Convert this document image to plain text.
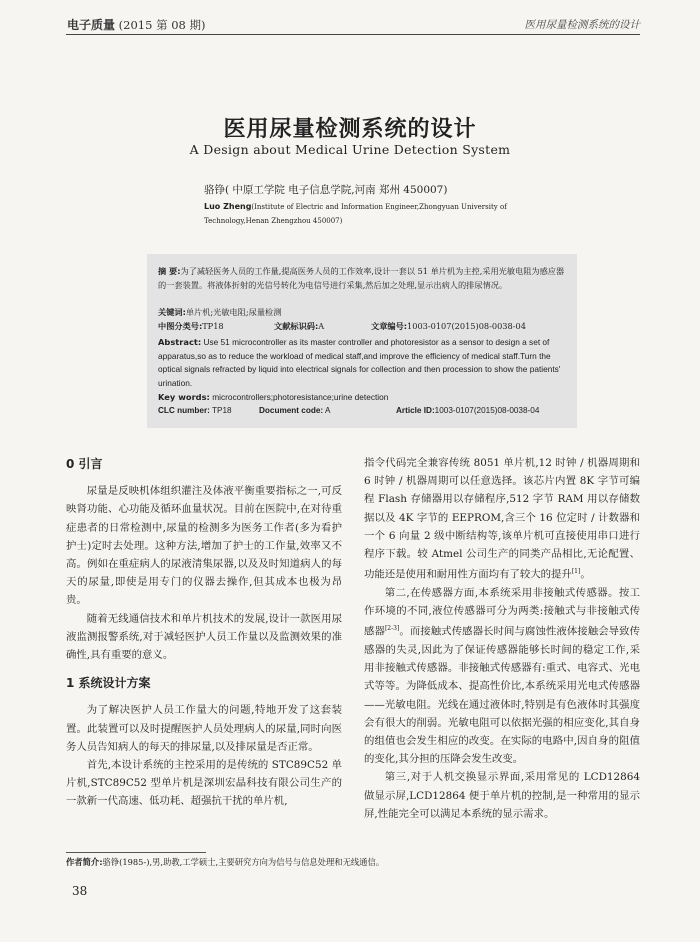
电子质量 (2015 第 08 期)	医用尿量检测系统的设计
医用尿量检测系统的设计
A Design about Medical Urine Detection System
骆铮( 中原工学院 电子信息学院,河南 郑州 450007)
Luo Zheng(Institute of Electric and Information Engineer,Zhongyuan University of Technology,Henan Zhengzhou 450007)
摘 要:为了减轻医务人员的工作量,提高医务人员的工作效率,设计一套以 51 单片机为主控,采用光敏电阻为感应器的一套装置。将液体折射的光信号转化为电信号进行采集,然后加之处理,显示出病人的排尿情况。
关键词:单片机;光敏电阻;尿量检测
中图分类号:TP18	文献标识码:A	文章编号:1003-0107(2015)08-0038-04
Abstract: Use 51 microcontroller as its master controller and photoresistor as a sensor to design a set of apparatus,so as to reduce the workload of medical staff,and improve the efficiency of medical staff.Turn the optical signals refracted by liquid into electrical signals for collection and then procession to show the patients' urination.
Key words: microcontrollers;photoresistance;urine detection
CLC number: TP18	Document code: A	Article ID:1003-0107(2015)08-0038-04
0 引言

尿量是反映机体组织灌注及体液平衡重要指标之一,可反映肾功能、心功能及循环血量状况。目前在医院中,在对待重症患者的日常检测中,尿量的检测多为医务工作者(多为看护护士)定时去处理。这种方法,增加了护士的工作量,效率又不高。例如在重症病人的尿液清集尿器,以及及时知道病人的每天的尿量,即使是用专门的仪器去操作,但其成本也极为昂贵。

随着无线通信技术和单片机技术的发展,设计一款医用尿液监测报警系统,对于减轻医护人员工作量以及监测效果的准确性,具有重要的意义。

1 系统设计方案

为了解决医护人员工作量大的问题,特地开发了这套装置。此装置可以及时提醒医护人员处理病人的尿量,同时向医务人员告知病人的每天的排尿量,以及排尿量是否正常。

首先,本设计系统的主控采用的是传统的 STC89C52 单片机,STC89C52 型单片机是深圳宏晶科技有限公司生产的一款新一代高速、低功耗、超强抗干扰的单片机,

指令代码完全兼容传统 8051 单片机,12 时钟 / 机器周期和 6 时钟 / 机器周期可以任意选择。该芯片内置 8K 字节可编程 Flash 存储器用以存储程序,512 字节 RAM 用以存储数据以及 4K 字节的 EEPROM,含三个 16 位定时 / 计数器和一个 6 向量 2 级中断结构等,该单片机可直接使用串口进行程序下载。较 Atmel 公司生产的同类产品相比,无论配置、功能还是使用和耐用性方面均有了较大的提升[1]。

第二,在传感器方面,本系统采用非接触式传感器。按工作环境的不同,液位传感器可分为两类:接触式与非接触式传感器[2-3]。而接触式传感器长时间与腐蚀性液体接触会导致传感器的失灵,因此为了保证传感器能够长时间的稳定工作,采用非接触式传感器。非接触式传感器有:重式、电容式、光电式等等。为降低成本、提高性价比,本系统采用光电式传感器——光敏电阻。光线在通过液体时,特别是有色液体时其强度会有很大的削弱。光敏电阻可以依据光强的相应变化,其自身的组值也会发生相应的改变。在实际的电路中,因自身的阻值的变化,其分担的压降会发生改变。

第三,对于人机交换显示界面,采用常见的 LCD12864 做显示屏,LCD12864 便于单片机的控制,是一种常用的显示屏,性能完全可以满足本系统的显示需求。

作者简介:骆铮(1985-),男,助教,工学硕士,主要研究方向为信号与信息处理和无线通信。
38
